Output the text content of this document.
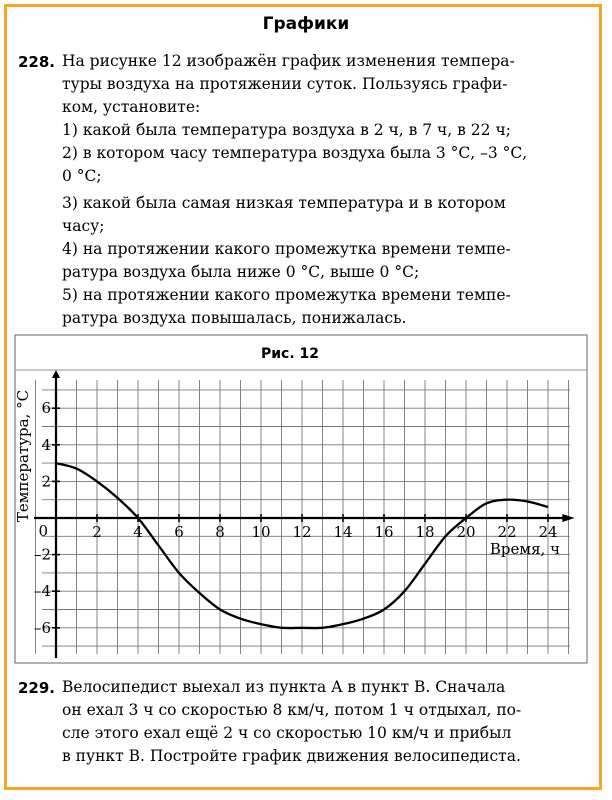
Графики
228. На рисунке 12 изображён график изменения темпера-
туры воздуха на протяжении суток. Пользуясь графи-
ком, установите:
1) какой была температура воздуха в 2 ч, в 7 ч, в 22 ч;
2) в котором часу температура воздуха была 3 °С, –3 °С,
0 °С;
3) какой была самая низкая температура и в котором
часу;
4) на протяжении какого промежутка времени темпе-
ратура воздуха была ниже 0 °С, выше 0 °С;
5) на протяжении какого промежутка времени темпе-
ратура воздуха повышалась, понижалась.
Рис. 12
0	2 4 6 8 10 12 14 16 18 20 22 24
6
4
2
–2
–4
–6
Время, ч
Температура, °С
229. Велосипедист выехал из пункта A в пункт B. Сначала
он ехал 3 ч со скоростью 8 км/ч, потом 1 ч отдыхал, по-
сле этого ехал ещё 2 ч со скоростью 10 км/ч и прибыл
в пункт B. Постройте график движения велосипедиста.
